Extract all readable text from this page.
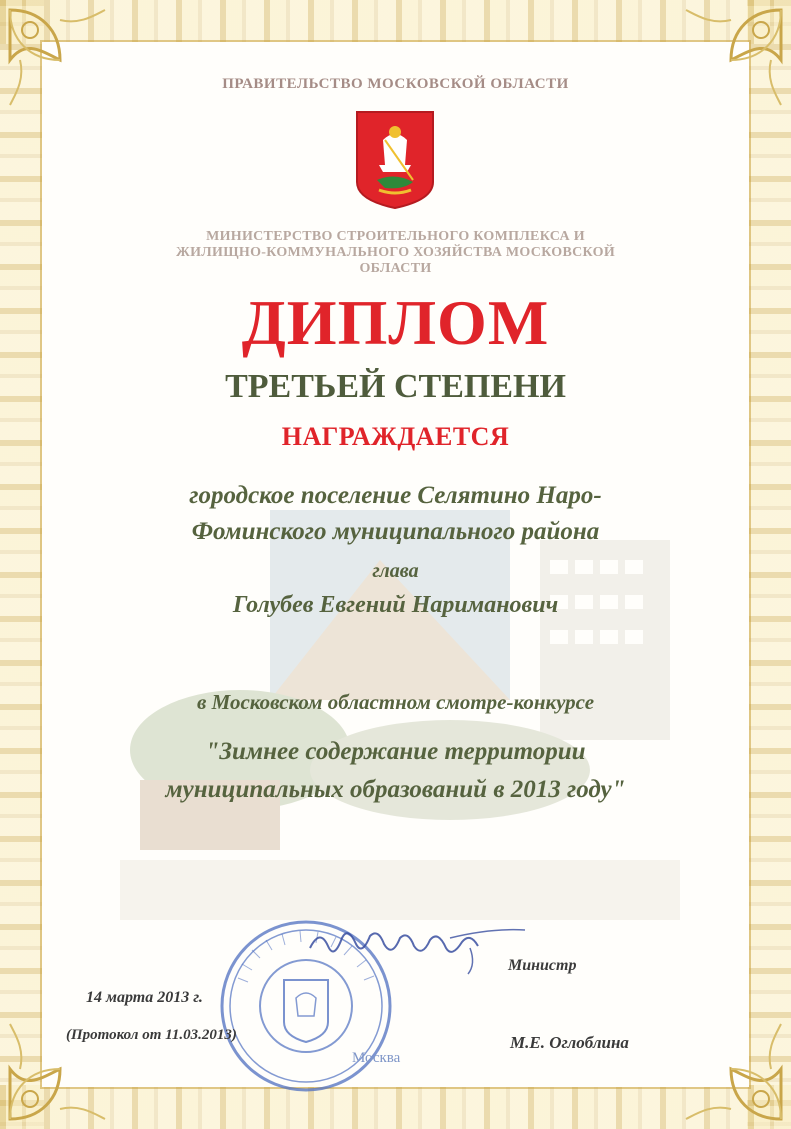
ПРАВИТЕЛЬСТВО МОСКОВСКОЙ ОБЛАСТИ
МИНИСТЕРСТВО СТРОИТЕЛЬНОГО КОМПЛЕКСА И
ЖИЛИЩНО-КОММУНАЛЬНОГО ХОЗЯЙСТВА МОСКОВСКОЙ
ОБЛАСТИ
ДИПЛОМ
ТРЕТЬЕЙ СТЕПЕНИ
НАГРАЖДАЕТСЯ
городское поселение Селятино Наро-
Фоминского муниципального района
глава
Голубев Евгений Нариманович
в Московском областном смотре-конкурсе
"Зимнее содержание территории
муниципальных образований в 2013 году"
Москва
Министр
14 марта 2013 г.
(Протокол от 11.03.2013)	М.Е. Оглоблина
